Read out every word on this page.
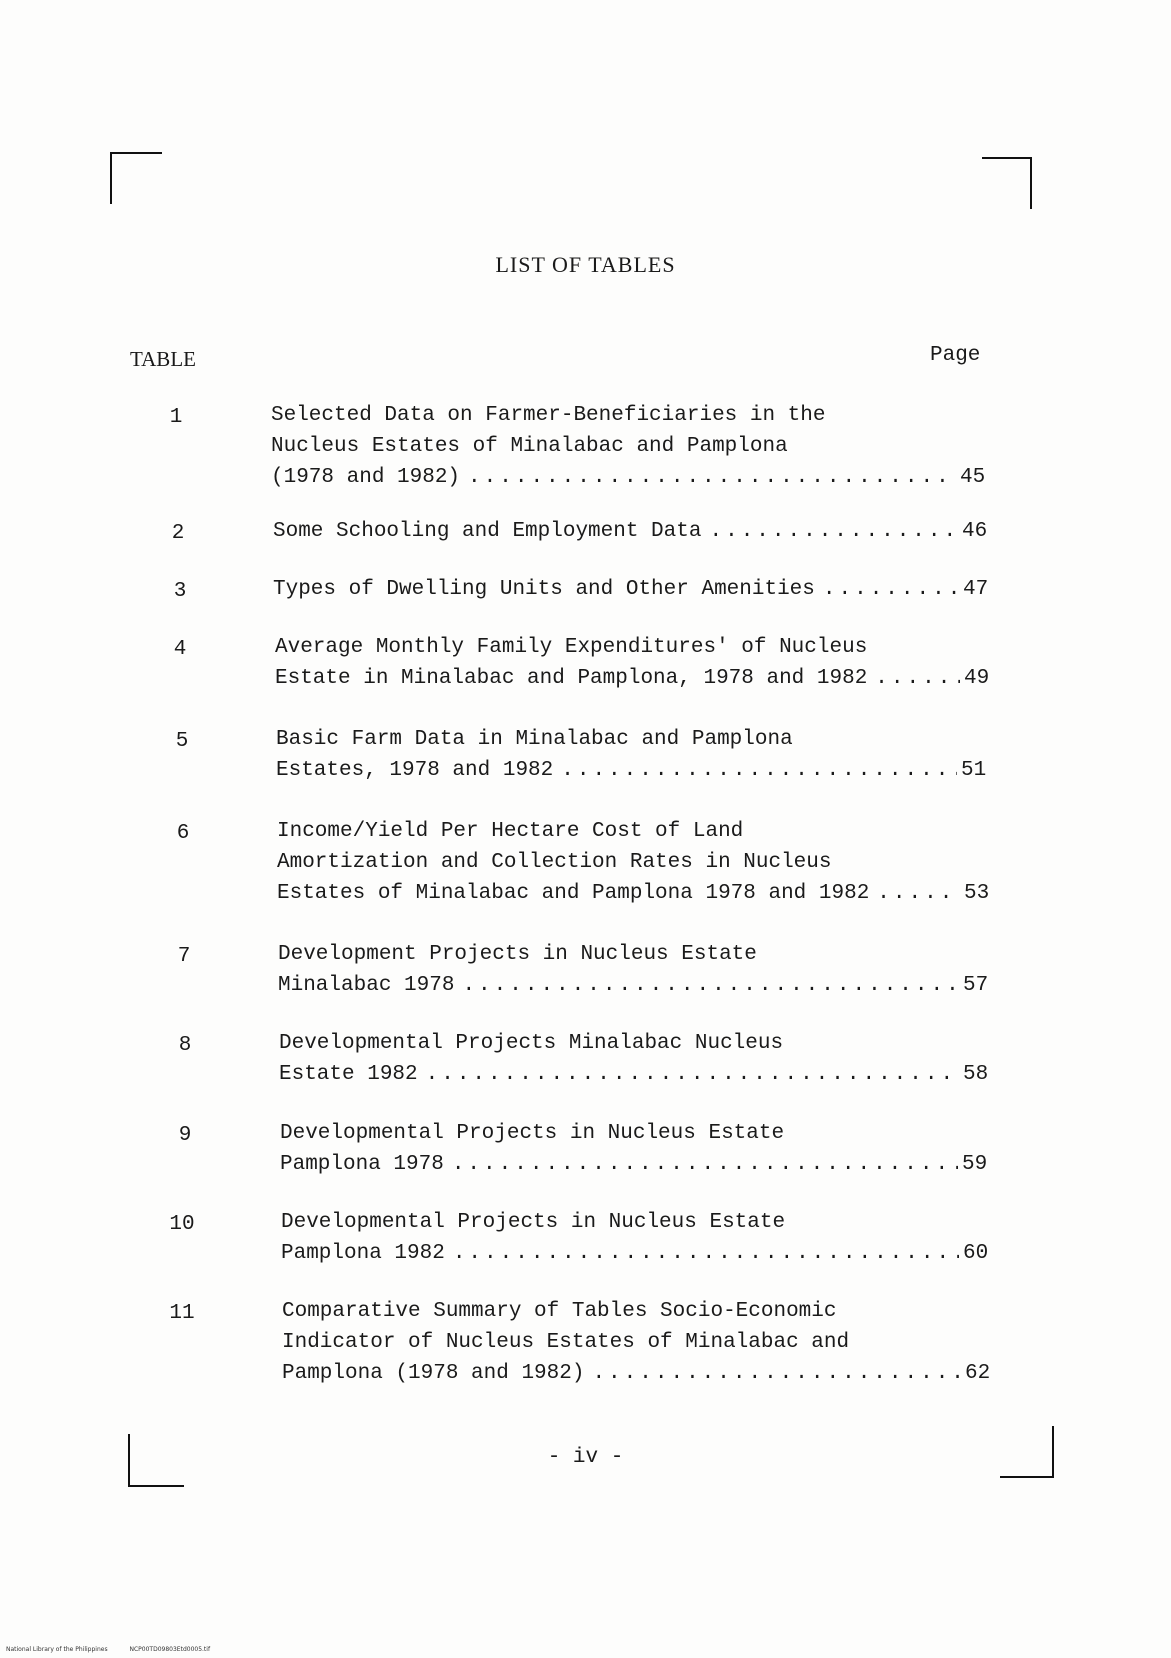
LIST OF TABLES
TABLE	Page
1	Selected Data on Farmer-Beneficiaries in the
Nucleus Estates of Minalabac and Pamplona
(1978 and 1982) .....	45
2	Some Schooling and Employment Data .....	46
3	Types of Dwelling Units and Other Amenities .....	47
4	Average Monthly Family Expenditures' of Nucleus
Estate in Minalabac and Pamplona, 1978 and 1982 .....	49
5	Basic Farm Data in Minalabac and Pamplona
Estates, 1978 and 1982 .....	51
6	Income/Yield Per Hectare Cost of Land
Amortization and Collection Rates in Nucleus
Estates of Minalabac and Pamplona 1978 and 1982 .....	53
7	Development Projects in Nucleus Estate
Minalabac 1978 .....	57
8	Developmental Projects Minalabac Nucleus
Estate 1982 .....	58
9	Developmental Projects in Nucleus Estate
Pamplona 1978 .....	59
10	Developmental Projects in Nucleus Estate
Pamplona 1982 .....	60
11	Comparative Summary of Tables Socio-Economic
Indicator of Nucleus Estates of Minalabac and
Pamplona (1978 and 1982) .....	62
- iv -
National Library of the Philippines	NCP00TD09803Etd0005.tif
